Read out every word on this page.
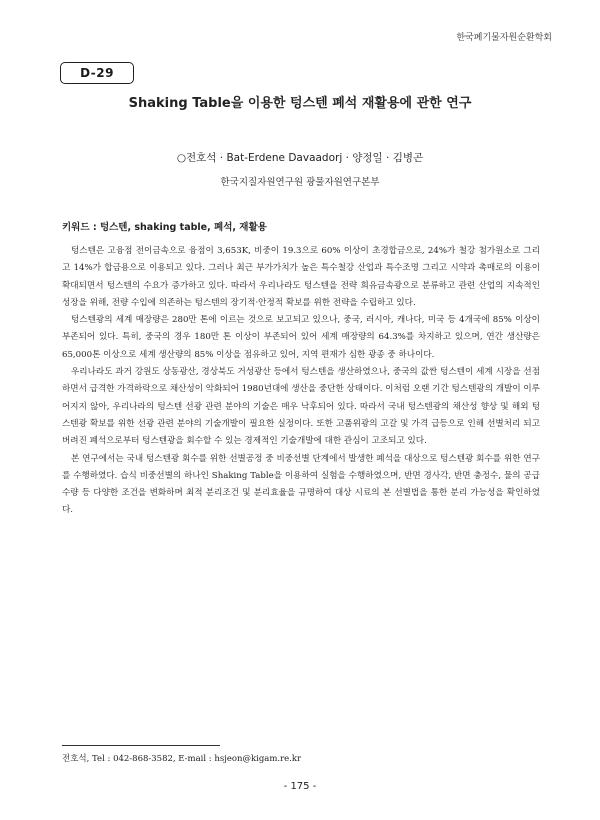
한국폐기물자원순환학회
D-29
Shaking Table을 이용한 텅스텐 폐석 재활용에 관한 연구
○전호석 · Bat-Erdene Davaadorj · 양정일 · 김병곤
한국지질자원연구원 광물자원연구본부
키워드 : 텅스텐, shaking table, 폐석, 재활용

텅스텐은 고융점 전이금속으로 융점이 3,653K, 비중이 19.3으로 60% 이상이 초경합금으로, 24%가 철강 첨가원소로 그리고 14%가 합금용으로 이용되고 있다. 그러나 최근 부가가치가 높은 특수철강 산업과 특수조명 그리고 시약과 촉매로의 이용이 확대되면서 텅스텐의 수요가 증가하고 있다. 따라서 우리나라도 텅스텐을 전략 희유금속광으로 분류하고 관련 산업의 지속적인 성장을 위해, 전량 수입에 의존하는 텅스텐의 장기적·안정적 확보를 위한 전략을 수립하고 있다.

텅스텐광의 세계 매장량은 280만 톤에 이르는 것으로 보고되고 있으나, 중국, 러시아, 캐나다, 미국 등 4개국에 85% 이상이 부존되어 있다. 특히, 중국의 경우 180만 톤 이상이 부존되어 있어 세계 매장량의 64.3%를 차지하고 있으며, 연간 생산량은 65,000톤 이상으로 세계 생산량의 85% 이상을 점유하고 있어, 지역 편재가 심한 광종 중 하나이다.

우리나라도 과거 강원도 상동광산, 경상북도 거성광산 등에서 텅스텐을 생산하였으나, 중국의 값싼 텅스텐이 세계 시장을 선점하면서 급격한 가격하락으로 채산성이 악화되어 1980년대에 생산을 중단한 상태이다. 이처럼 오랜 기간 텅스텐광의 개발이 이루어지지 않아, 우리나라의 텅스텐 선광 관련 분야의 기술은 매우 낙후되어 있다. 따라서 국내 텅스텐광의 채산성 향상 및 해외 텅스텐광 확보를 위한 선광 관련 분야의 기술개발이 필요한 실정이다. 또한 고품위광의 고갈 및 가격 급등으로 인해 선별처리 되고 버려진 폐석으로부터 텅스텐광을 회수할 수 있는 경제적인 기술개발에 대한 관심이 고조되고 있다.

본 연구에서는 국내 텅스텐광 회수를 위한 선별공정 중 비중선별 단계에서 발생한 폐석을 대상으로 텅스텐광 회수를 위한 연구를 수행하였다. 습식 비중선별의 하나인 Shaking Table을 이용하여 실험을 수행하였으며, 반면 경사각, 반면 충정수, 물의 공급수량 등 다양한 조건을 변화하며 최적 분리조건 및 분리효율을 규명하여 대상 시료의 본 선별법을 통한 분리 가능성을 확인하였다.

전호석, Tel : 042-868-3582, E-mail : hsjeon@kigam.re.kr
- 175 -
